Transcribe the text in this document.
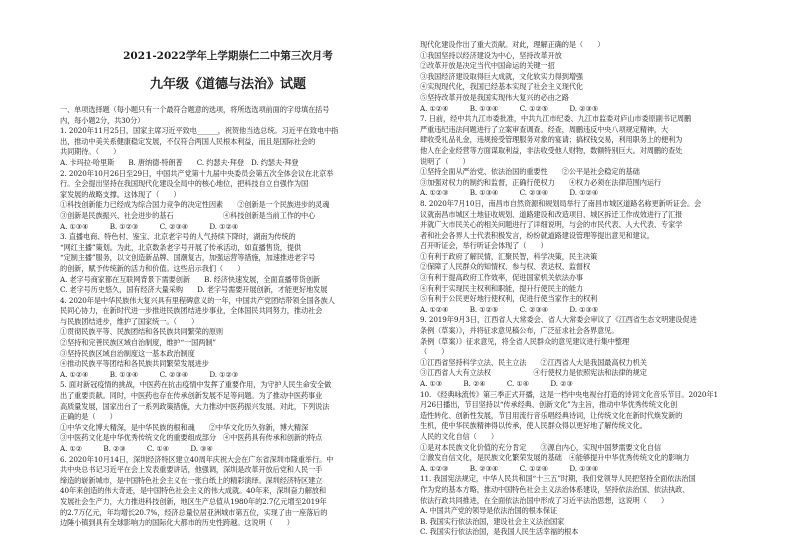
2021-2022学年上学期崇仁二中第三次月考
九年级《道德与法治》试题
一、单项选择题（每小题只有一个最符合题意的选项，将所选选项前面的字母填在括号
内，每小题2分，共30分）
1. 2020年11月25日，国家主席习近平致电______，祝贺他当选总统。习近平在致电中指
出，推动中美关系健康稳定发展，不仅符合两国人民根本利益，而且是国际社会的
共同期待。（　　）
A. 卡玛拉·哈里斯　　B. 唐纳德·特朗普　　C. 约瑟夫·拜登　D. 约瑟夫·拜登
2. 2020年10月26日至29日，中国共产党第十九届中央委员会第五次全体会议在北京举
行。全会提出坚持在我国现代化建设全局中的核心地位，把科技自立自强作为国
家发展的战略支撑。这体现了（　　）
①科技创新能力已经成为综合国力竞争的决定性因素　　②创新是一个民族进步的灵魂
③创新是民族振兴、社会进步的基石　　　　　　　④科技创新是当前工作的中心
A. ①③④　　　B. ①②③　　　C. ②③④　　　D. ①②④
3. 直播电商、特色村、鉴宝、北京老字号的人气持续下降时，湖南为传统的
“网红主播”策划。为此，北京数条老字号开展了传承活动，如直播售货，提供
“定制主播”服务，以文创造新品牌、国潮复古，加强运营等措施，加速推进老字号
的创新，赋予传统新的活力和价值。这些启示我们（　　）
A. 老字号商家都在互联网背景下需要创新　　B. 经济快速发展，全面直播带货创新
C. 老字号历史悠久，国有经济大量采购　　D. 老字号需要开展创新，才能更好地发展
4. 2020年是中华民族伟大复兴具有里程碑意义的一年，中国共产党团结带领全国各族人
民同心协力，在新时代进一步推进民族团结进步事业，全体国民共同努力，推动社会
与民族团结进步，维护了国家统一。（　　）
①贯彻民族平等、民族团结和各民族共同繁荣的原则
②坚持和完善民族区域自治制度，维护“一国两制”
③坚持民族区域自治制度这一基本政治制度
④推动民族平等团结和各民族共同繁荣发展进步
A. ①②④　　　B. ①③④　　　C. ②③④　　　D. ①②③
5. 面对新冠疫情的挑战，中医药在抗击疫情中发挥了重要作用，为守护人民生命安全做
出了重要贡献。同时，中医药也存在传承创新发展不足等问题。为了推动中医药事业
高质量发展，国家出台了一系列政策措施，大力推动中医药振兴发展。对此，下列说法
正确的是（　　）
①中华文化博大精深，是中华民族的根和魂　　②中华文化历久弥新，博大精深
③中医药文化是中华优秀传统文化的重要组成部分　④中医药具有传承和创新的特点
A. ①②　　　B. ②③　　　C. ①④　　　D. ③④
6. 2020年10月14日，深圳经济特区建立40周年庆祝大会在广东省深圳市隆重举行。中
共中央总书记习近平在会上发表重要讲话，他强调，深圳是改革开放后党和人民一手
缔造的崭新城市，是中国特色社会主义在一张白纸上的精彩演绎。深圳经济特区建立
40年来创造的伟大奇迹，是中国特色社会主义的伟大成就。40年来，深圳奋力解放和
发展社会生产力，大力推进科技创新，地区生产总值从1980年的2.7亿元增至2019年
的2.7万亿元，年均增长20.7%，经济总量位居亚洲城市第五位，实现了由一座落后的
边陲小镇到具有全球影响力的国际化大都市的历史性跨越。这说明（　　）
现代化建设作出了重大贡献。对此，理解正确的是（　　）
①我国坚持以经济建设为中心，坚持改革开放
②改革开放是决定当代中国命运的关键一招
③我国经济建设取得巨大成就，文化软实力得到增强
④实现现代化，我国已经基本实现了社会主义现代化
⑤坚持改革开放是我国实现伟大复兴的必由之路
A. ①②④　　　B. ①③④　　　C. ①②⑤　　　D. ②③⑤
7. 日前，经中共九江市委批准，中共九江市纪委、九江市监委对庐山市委原副书记周鹏
严重违纪违法问题进行了立案审查调查。经查，周鹏违反中央八项规定精神，大
肆收受礼品礼金，违规接受管理服务对象的宴请；搞权钱交易，利用职务上的便利为
他人在企业经营等方面谋取利益，非法收受他人财物，数额特别巨大。对周鹏的查处
说明了（　　）
①坚持全面从严治党、依法治国的重要性　　②公平是社会稳定的基础
③加强对权力的制约和监督，正确行使权力　　④权力必须在法律范围内运行
A. ①②③　　　B. ①③④　　　C. ②③④　　　D. ①②④
8. 2020年7月10日，南昌市自然资源和规划局举行了南昌市城区道路名称更新听证会。会
议就南昌市城区土地征收规划、道路建设和改造项目、城区拆迁工作成效进行了汇报
并就广大市民关心的相关问题进行了详细说明，与会的市民代表、人大代表、专家学
者和社会各界人士代表积极发言，纷纷就道路建设管理等提出意见和建议。
召开听证会，举行听证会体现了（　　）
①有利于政府了解民情，汇聚民智，科学决策，民主决策
②保障了人民群众的知情权、参与权、表达权、监督权
③有利于提高政府工作效率，促进国家机关依法办事
④有利于实现民主权利和职能，提升行使民主的能力
⑤有利于公民更好地行使权利，促进行使当家作主的权利
A. ①②④　　　B. ①②⑤　　　C. ②③④　　　D. ①③⑤
9. 2019年9月3日，江西省人大常委会、省人大常委会审议了《江西省生态文明建设促进
条例（草案）》，并将征求意见稿公布，广泛征求社会各界意见。
条例（草案）》征求意见，将全省人民群众的意见建议进行集中整理
（　　）
①江西省坚持科学立法、民主立法　　②江西省人大是我国最高权力机关
③江西省人大有立法权　　　　　　④行使权力是依照宪法和法律的规定
A. ①③　　　B. ②④　　　C. ①④　　　D. ②③
10. 《经典咏流传》第三季正式开播，这是一档中央电视台打造的诗词文化音乐节目。2020年1
月26日播出，节目坚持以“传承经典、创新文化”为主旨，推动中华优秀传统文化创
造性转化、创新性发展，节目用流行音乐唱经典诗词，让传统文化在新时代焕发新的
生机，使中华民族精神得以传承，使人民群众得以更好地了解传统文化。
人民的文化自信（　　）
①是对本民族文化价值的充分肯定　　③源自内心，实现中国梦需要文化自信
②激发自信文化，是民族文化繁荣发展的基础　④能够提升中华优秀传统文化的影响力
A. ①②③　　　B. ②③④　　　C. ①②④　　　D. ①③④
11. 我国宪法规定，中华人民共和国“十三五”时期，我们党领导人民把坚持全面依法治国
作为党的基本方略，推动中国特色社会主义法治体系建设，坚持依法治国、依法执政、
依法行政共同推进，在全面依法治国中形成了习近平法治思想，这说明（　　）
A. 中国共产党的领导是依法治国的根本保证
B. 我国实行依法治国，建设社会主义法治国家
C. 我国实行依法治国，是我国人民生活幸福的根本
